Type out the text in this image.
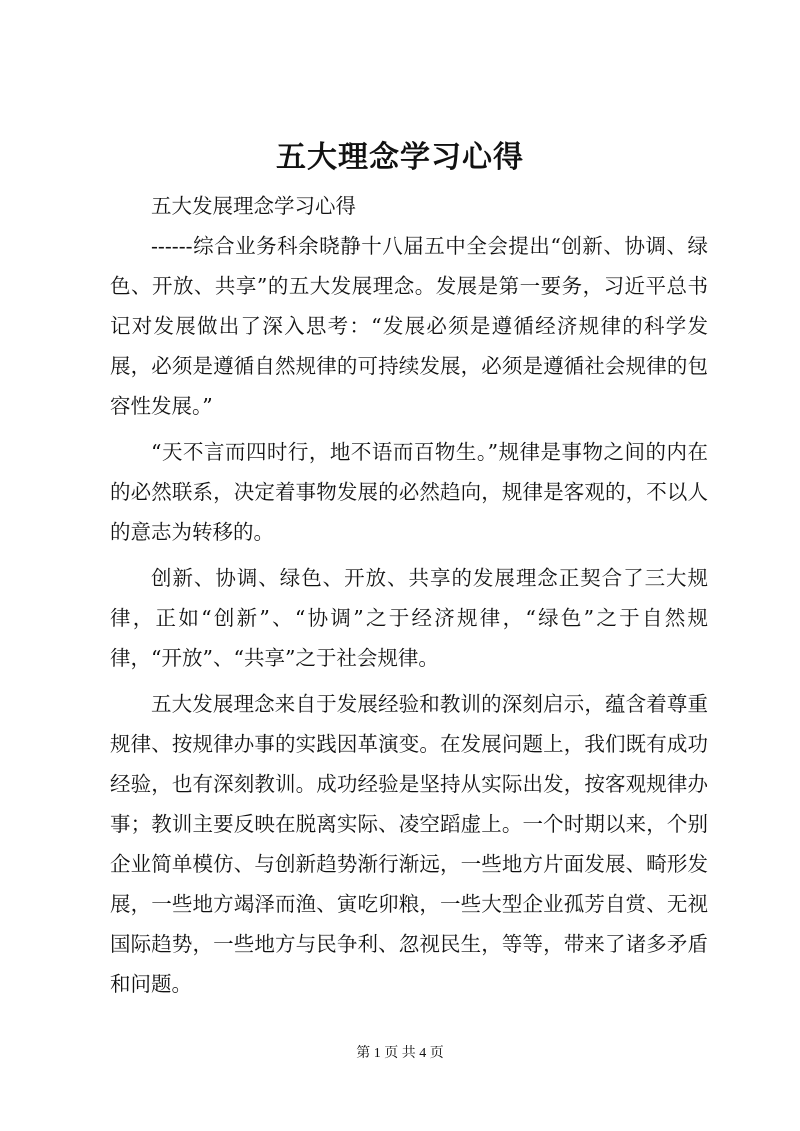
五大理念学习心得

五大发展理念学习心得

------综合业务科余晓静十八届五中全会提出“创新、协调、绿色、开放、共享”的五大发展理念。发展是第一要务，习近平总书记对发展做出了深入思考：“发展必须是遵循经济规律的科学发展，必须是遵循自然规律的可持续发展，必须是遵循社会规律的包容性发展。”

“天不言而四时行，地不语而百物生。”规律是事物之间的内在的必然联系，决定着事物发展的必然趋向，规律是客观的，不以人的意志为转移的。

创新、协调、绿色、开放、共享的发展理念正契合了三大规律，正如“创新”、“协调”之于经济规律，“绿色”之于自然规律，“开放”、“共享”之于社会规律。

五大发展理念来自于发展经验和教训的深刻启示，蕴含着尊重规律、按规律办事的实践因革演变。在发展问题上，我们既有成功经验，也有深刻教训。成功经验是坚持从实际出发，按客观规律办事；教训主要反映在脱离实际、凌空蹈虚上。一个时期以来，个别企业简单模仿、与创新趋势渐行渐远，一些地方片面发展、畸形发展，一些地方竭泽而渔、寅吃卯粮，一些大型企业孤芳自赏、无视国际趋势，一些地方与民争利、忽视民生，等等，带来了诸多矛盾和问题。

第 1 页 共 4 页
